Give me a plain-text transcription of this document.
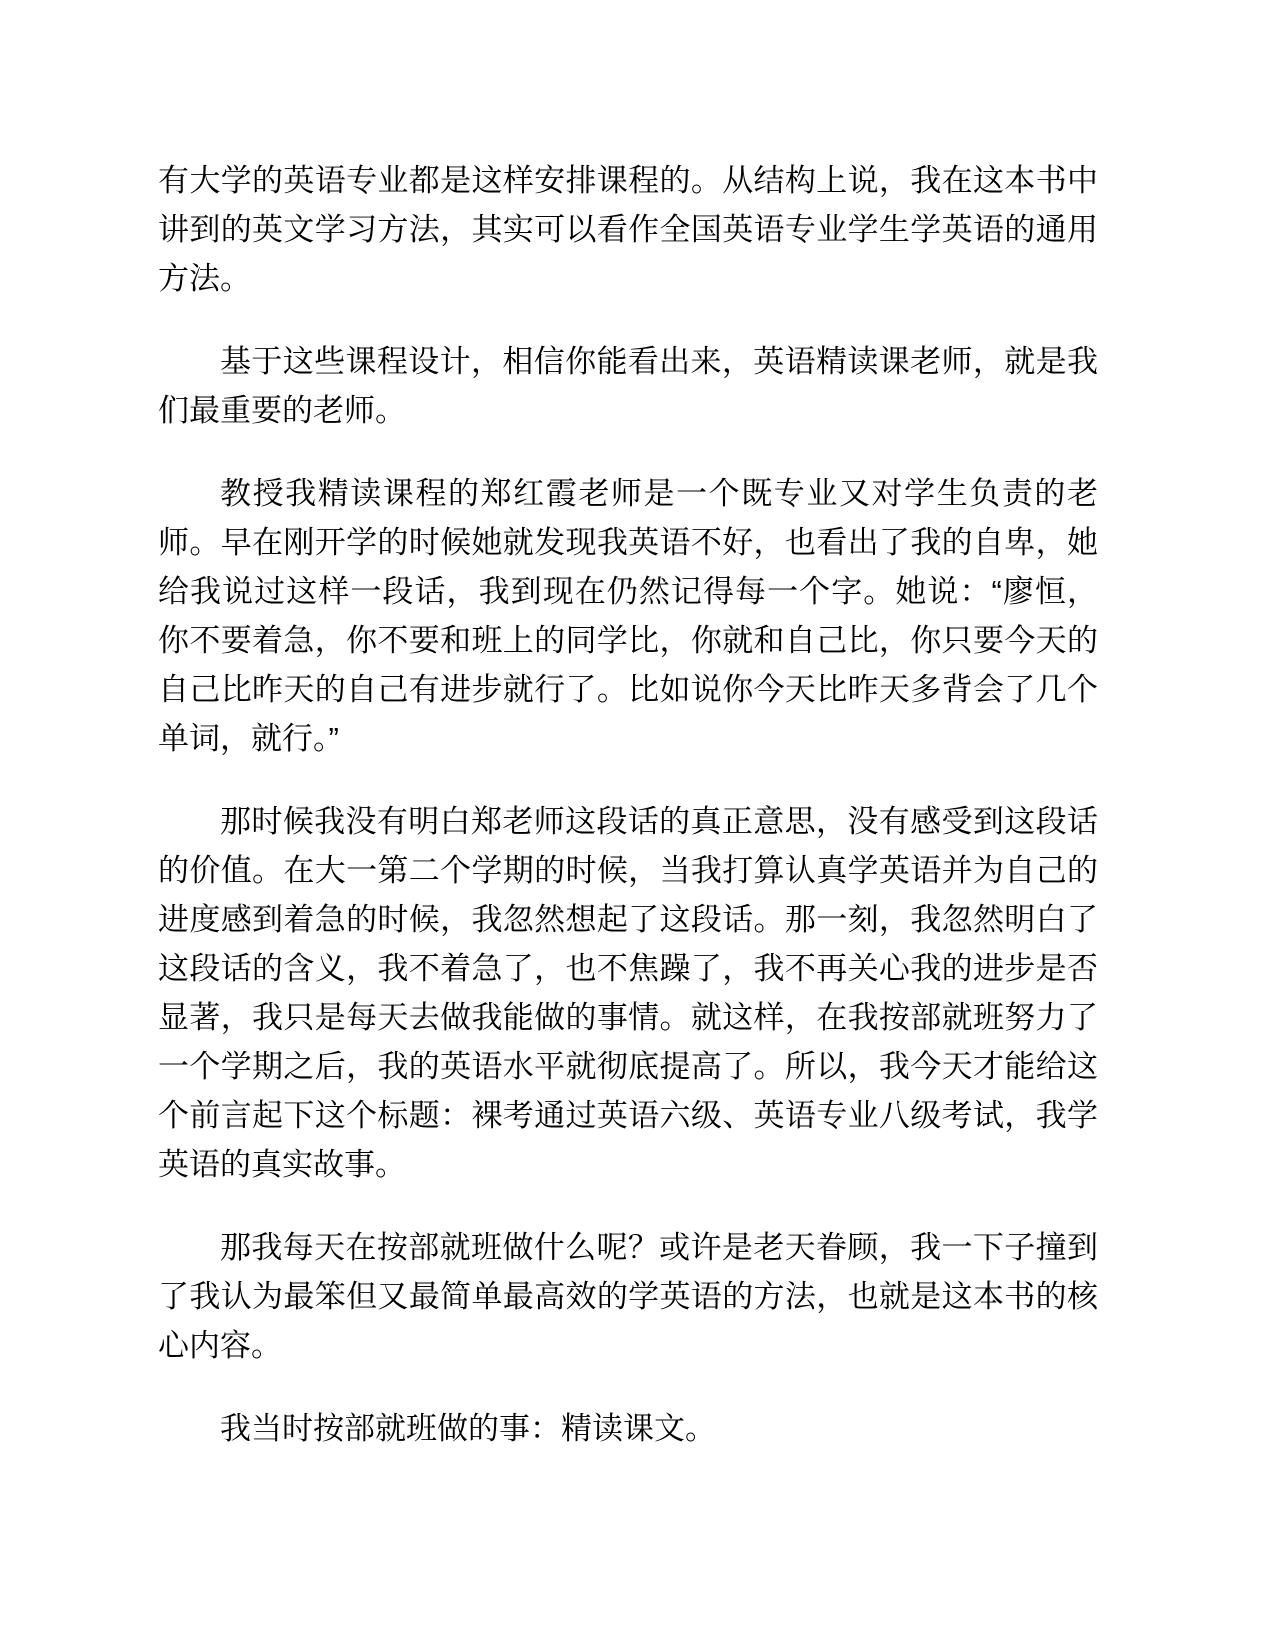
有大学的英语专业都是这样安排课程的。从结构上说，我在这本书中讲到的英文学习方法，其实可以看作全国英语专业学生学英语的通用方法。

基于这些课程设计，相信你能看出来，英语精读课老师，就是我们最重要的老师。

教授我精读课程的郑红霞老师是一个既专业又对学生负责的老师。早在刚开学的时候她就发现我英语不好，也看出了我的自卑，她给我说过这样一段话，我到现在仍然记得每一个字。她说：“廖恒，你不要着急，你不要和班上的同学比，你就和自己比，你只要今天的自己比昨天的自己有进步就行了。比如说你今天比昨天多背会了几个单词，就行。”

那时候我没有明白郑老师这段话的真正意思，没有感受到这段话的价值。在大一第二个学期的时候，当我打算认真学英语并为自己的进度感到着急的时候，我忽然想起了这段话。那一刻，我忽然明白了这段话的含义，我不着急了，也不焦躁了，我不再关心我的进步是否显著，我只是每天去做我能做的事情。就这样，在我按部就班努力了一个学期之后，我的英语水平就彻底提高了。所以，我今天才能给这个前言起下这个标题：裸考通过英语六级、英语专业八级考试，我学英语的真实故事。

那我每天在按部就班做什么呢？或许是老天眷顾，我一下子撞到了我认为最笨但又最简单最高效的学英语的方法，也就是这本书的核心内容。

我当时按部就班做的事：精读课文。
